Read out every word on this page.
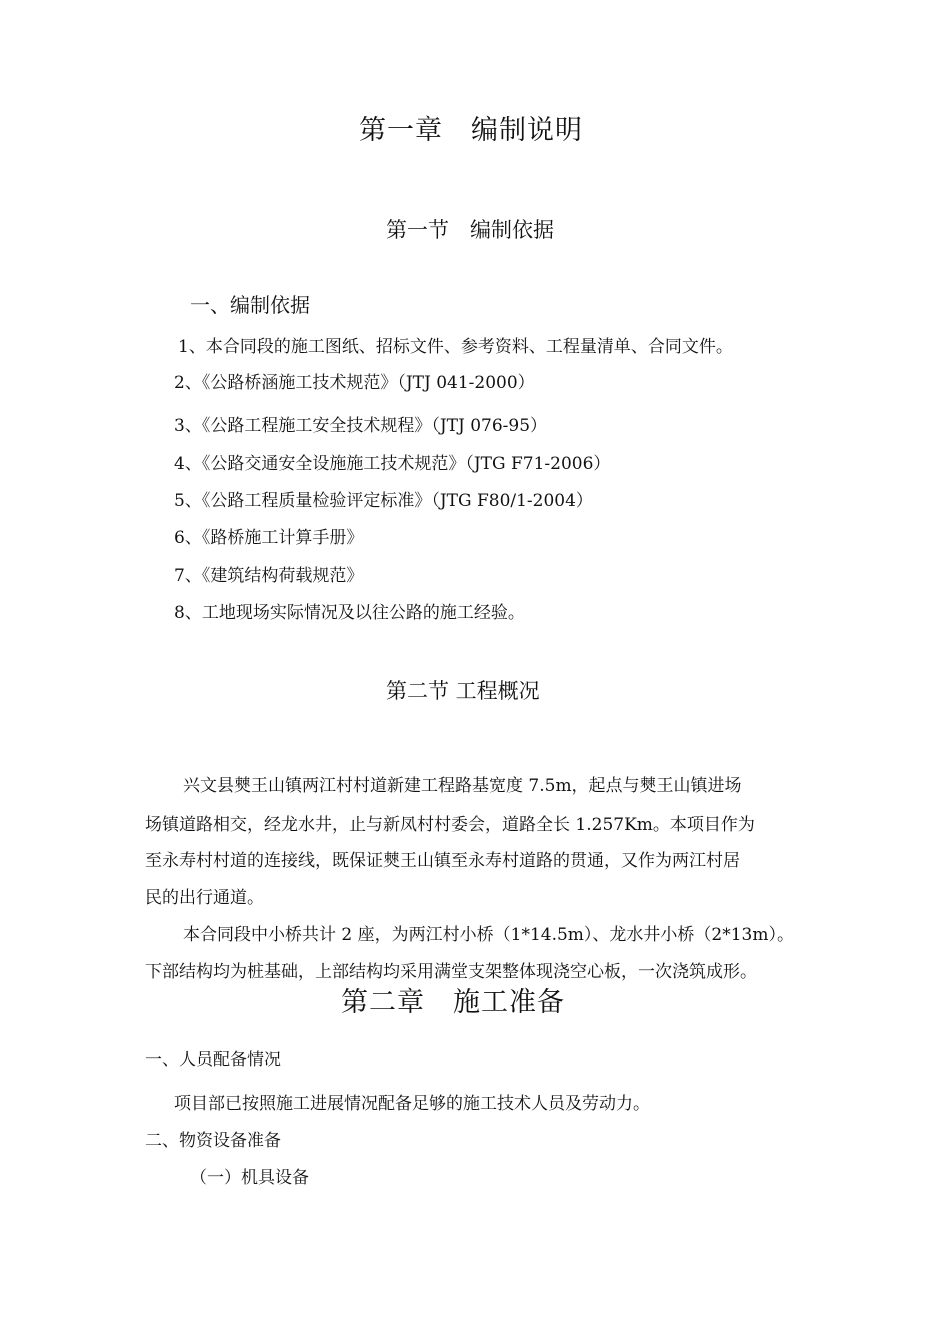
第一章　编制说明
第一节　编制依据
一、编制依据
1、本合同段的施工图纸、招标文件、参考资料、工程量清单、合同文件。
2、《公路桥涵施工技术规范》（JTJ 041-2000）
3、《公路工程施工安全技术规程》（JTJ 076-95）
4、《公路交通安全设施施工技术规范》（JTG F71-2006）
5、《公路工程质量检验评定标准》（JTG F80/1-2004）
6、《路桥施工计算手册》
7、《建筑结构荷载规范》
8、工地现场实际情况及以往公路的施工经验。
第二节 工程概况
兴文县僰王山镇两江村村道新建工程路基宽度 7.5m，起点与僰王山镇进场
场镇道路相交，经龙水井，止与新凤村村委会，道路全长 1.257Km。本项目作为
至永寿村村道的连接线，既保证僰王山镇至永寿村道路的贯通，又作为两江村居
民的出行通道。
本合同段中小桥共计 2 座，为两江村小桥（1*14.5m）、龙水井小桥（2*13m）。
下部结构均为桩基础，上部结构均采用满堂支架整体现浇空心板，一次浇筑成形。
第二章　施工准备
一、人员配备情况
项目部已按照施工进展情况配备足够的施工技术人员及劳动力。
二、物资设备准备
（一）机具设备
